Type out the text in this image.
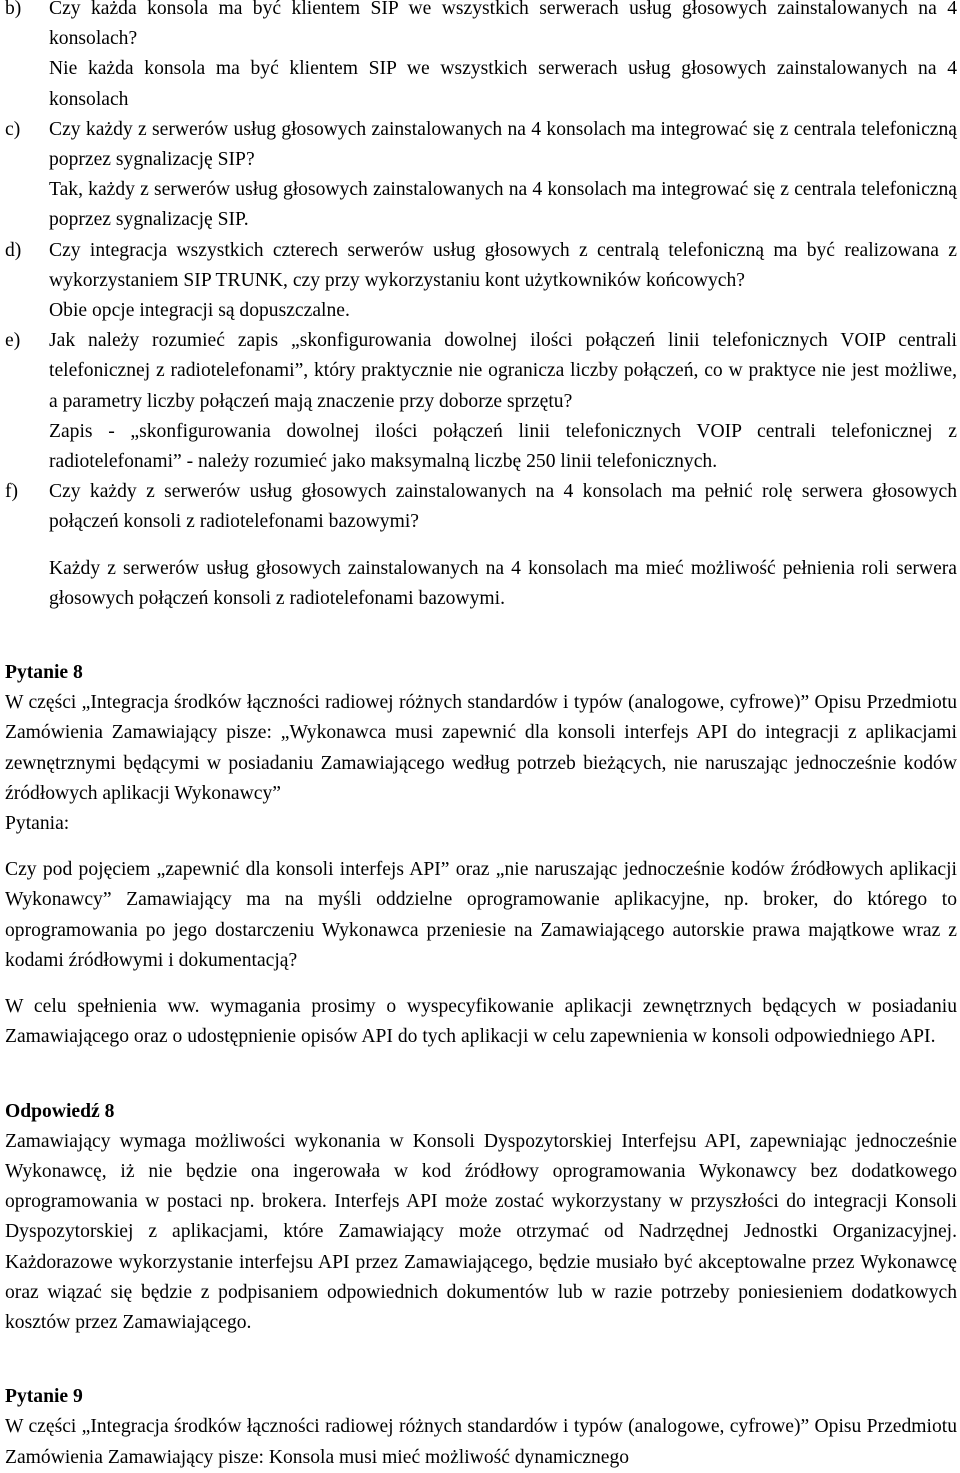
b)	Czy każda konsola ma być klientem SIP we wszystkich serwerach usług głosowych zainstalowanych na 4 konsolach?

Nie każda konsola ma być klientem SIP we wszystkich serwerach usług głosowych zainstalowanych na 4 konsolach

c)	Czy każdy z serwerów usług głosowych zainstalowanych na 4 konsolach ma integrować się z centrala telefoniczną poprzez sygnalizację SIP?

Tak, każdy z serwerów usług głosowych zainstalowanych na 4 konsolach ma integrować się z centrala telefoniczną poprzez sygnalizację SIP.

d)	Czy integracja wszystkich czterech serwerów usług głosowych z centralą telefoniczną ma być realizowana z wykorzystaniem SIP TRUNK, czy przy wykorzystaniu kont użytkowników końcowych?

Obie opcje integracji są dopuszczalne.

e)	Jak należy rozumieć zapis „skonfigurowania dowolnej ilości połączeń linii telefonicznych VOIP centrali telefonicznej z radiotelefonami”, który praktycznie nie ogranicza liczby połączeń, co w praktyce nie jest możliwe, a parametry liczby połączeń mają znaczenie przy doborze sprzętu?

Zapis - „skonfigurowania dowolnej ilości połączeń linii telefonicznych VOIP centrali telefonicznej z radiotelefonami” - należy rozumieć jako maksymalną liczbę 250 linii telefonicznych.

f)	Czy każdy z serwerów usług głosowych zainstalowanych na 4 konsolach ma pełnić rolę serwera głosowych połączeń konsoli z radiotelefonami bazowymi?

Każdy z serwerów usług głosowych zainstalowanych na 4 konsolach ma mieć możliwość pełnienia roli serwera głosowych połączeń konsoli z radiotelefonami bazowymi.

Pytanie 8

W części „Integracja środków łączności radiowej różnych standardów i typów (analogowe, cyfrowe)” Opisu Przedmiotu Zamówienia Zamawiający pisze: „Wykonawca musi zapewnić dla konsoli interfejs API do integracji z aplikacjami zewnętrznymi będącymi w posiadaniu Zamawiającego według potrzeb bieżących, nie naruszając jednocześnie kodów źródłowych aplikacji Wykonawcy”

Pytania:

Czy pod pojęciem „zapewnić dla konsoli interfejs API” oraz „nie naruszając jednocześnie kodów źródłowych aplikacji Wykonawcy” Zamawiający ma na myśli oddzielne oprogramowanie aplikacyjne, np. broker, do którego to oprogramowania po jego dostarczeniu Wykonawca przeniesie na Zamawiającego autorskie prawa majątkowe wraz z kodami źródłowymi i dokumentacją?

W celu spełnienia ww. wymagania prosimy o wyspecyfikowanie aplikacji zewnętrznych będących w posiadaniu Zamawiającego oraz o udostępnienie opisów API do tych aplikacji w celu zapewnienia w konsoli odpowiedniego API.

Odpowiedź 8

Zamawiający wymaga możliwości wykonania w Konsoli Dyspozytorskiej Interfejsu API, zapewniając jednocześnie Wykonawcę, iż nie będzie ona ingerowała w kod źródłowy oprogramowania Wykonawcy bez dodatkowego oprogramowania w postaci np. brokera. Interfejs API może zostać wykorzystany w przyszłości do integracji Konsoli Dyspozytorskiej z aplikacjami, które Zamawiający może otrzymać od Nadrzędnej Jednostki Organizacyjnej. Każdorazowe wykorzystanie interfejsu API przez Zamawiającego, będzie musiało być akceptowalne przez Wykonawcę oraz wiązać się będzie z podpisaniem odpowiednich dokumentów lub w razie potrzeby poniesieniem dodatkowych kosztów przez Zamawiającego.

Pytanie 9

W części „Integracja środków łączności radiowej różnych standardów i typów (analogowe, cyfrowe)” Opisu Przedmiotu Zamówienia Zamawiający pisze: Konsola musi mieć możliwość dynamicznego
